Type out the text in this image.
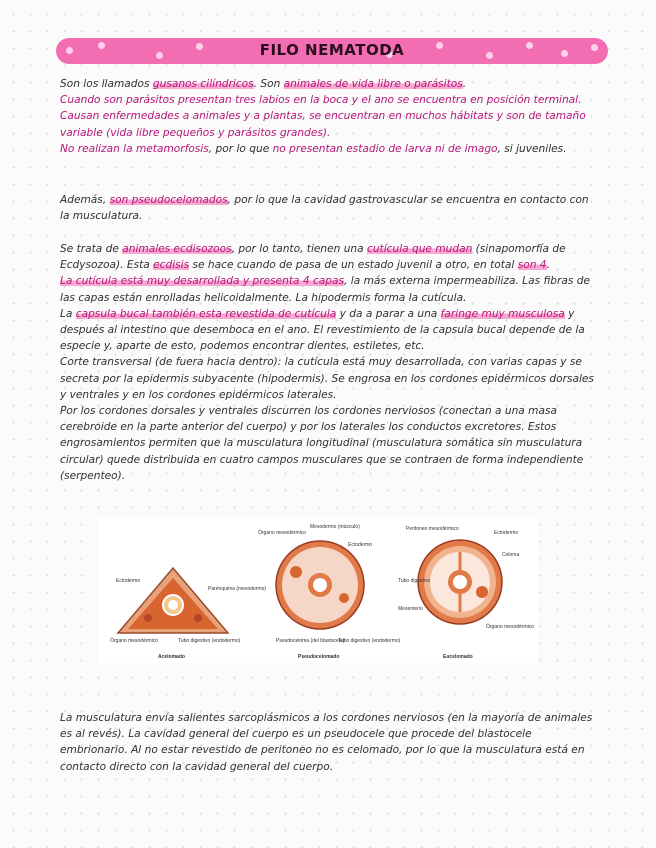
FILO NEMATODA

Son los llamados gusanos cilíndricos. Son animales de vida libre o parásitos.

Cuando son parásitos presentan tres labios en la boca y el ano se encuentra en posición terminal. Causan enfermedades a animales y a plantas, se encuentran en muchos hábitats y son de tamaño variable (vida libre pequeños y parásitos grandes).

No realizan la metamorfosis, por lo que no presentan estadio de larva ni de imago, si juveniles.

Además, son pseudocelomados, por lo que la cavidad gastrovascular se encuentra en contacto con la musculatura.

Se trata de animales ecdisozoos, por lo tanto, tienen una cutícula que mudan (sinapomorfía de Ecdysozoa). Esta ecdisis se hace cuando de pasa de un estado juvenil a otro, en total son 4.

La cutícula está muy desarrollada y presenta 4 capas, la más externa impermeabiliza. Las fibras de las capas están enrolladas helicoidalmente. La hipodermis forma la cutícula.

La capsula bucal también esta revestida de cutícula y da a parar a una faringe muy musculosa y después al intestino que desemboca en el ano. El revestimiento de la capsula bucal depende de la especie y, aparte de esto, podemos encontrar dientes, estiletes, etc.

Corte transversal (de fuera hacia dentro): la cutícula está muy desarrollada, con varias capas y se secreta por la epidermis subyacente (hipodermis). Se engrosa en los cordones epidérmicos dorsales y ventrales y en los cordones epidérmicos laterales.

Por los cordones dorsales y ventrales discurren los cordones nerviosos (conectan a una masa cerebroide en la parte anterior del cuerpo) y por los laterales los conductos excretores. Estos engrosamientos permiten que la musculatura longitudinal (musculatura somática sin musculatura circular) quede distribuida en cuatro campos musculares que se contraen de forma independiente (serpenteo).

Ectodermo
Parénquima (mesodermo)
Órgano mesodérmico	Tubo digestivo (endodermo)
Acelomado
Órgano mesodérmico
Mesodermo (músculo)
Ectodermo
Pseudoceloma (del blastocele)
Tubo digestivo (endodermo)
Pseudocelomado
Peritoneo mesodérmico
Ectodermo
Celoma
Tubo digestivo
Mesenterio
Órgano mesodérmico
Eucelomado

La musculatura envía salientes sarcoplásmicos a los cordones nerviosos (en la mayoría de animales es al revés). La cavidad general del cuerpo es un pseudocele que procede del blastocele embrionario. Al no estar revestido de peritoneo no es celomado, por lo que la musculatura está en contacto directo con la cavidad general del cuerpo.
